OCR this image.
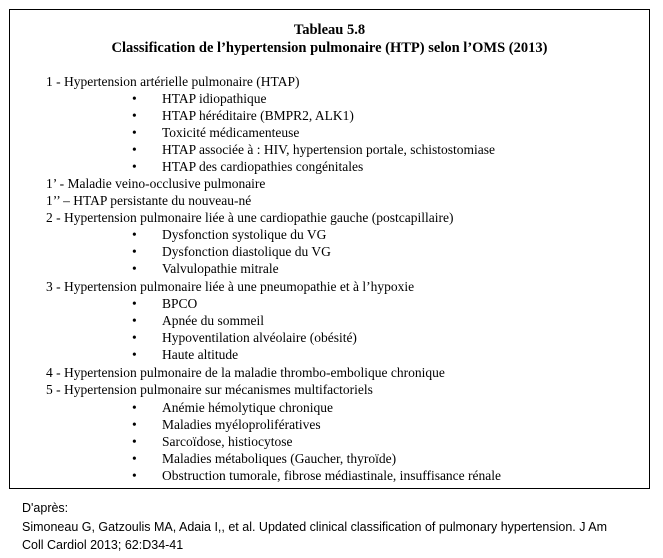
Tableau 5.8
Classification de l’hypertension pulmonaire (HTP) selon l’OMS (2013)
1 - Hypertension artérielle pulmonaire (HTAP)
• HTAP idiopathique
• HTAP héréditaire (BMPR2, ALK1)
• Toxicité médicamenteuse
• HTAP associée à : HIV, hypertension portale, schistostomiase
• HTAP des cardiopathies congénitales
1’ - Maladie veino-occlusive pulmonaire
1’’ – HTAP persistante du nouveau-né
2 - Hypertension pulmonaire liée à une cardiopathie gauche (postcapillaire)
• Dysfonction systolique du VG
• Dysfonction diastolique du VG
• Valvulopathie mitrale
3 - Hypertension pulmonaire liée à une pneumopathie et à l’hypoxie
• BPCO
• Apnée du sommeil
• Hypoventilation alvéolaire (obésité)
• Haute altitude
4 - Hypertension pulmonaire de la maladie thrombo-embolique chronique
5 - Hypertension pulmonaire sur mécanismes multifactoriels
• Anémie hémolytique chronique
• Maladies myéloprolifératives
• Sarcoïdose, histiocytose
• Maladies métaboliques (Gaucher, thyroïde)
• Obstruction tumorale, fibrose médiastinale, insuffisance rénale
D'après:
Simoneau G, Gatzoulis MA, Adaia I,, et al. Updated clinical classification of pulmonary hypertension. J Am
Coll Cardiol 2013; 62:D34-41
